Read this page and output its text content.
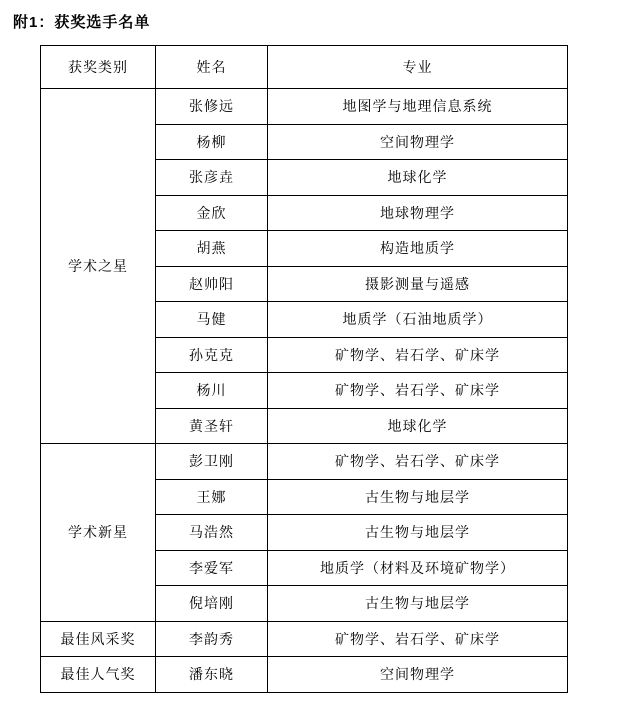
附1：获奖选手名单
获奖类别	姓名	专业
学术之星	张修远	地图学与地理信息系统
	杨柳	空间物理学
	张彦垚	地球化学
	金欣	地球物理学
	胡燕	构造地质学
	赵帅阳	摄影测量与遥感
	马健	地质学（石油地质学）
	孙克克	矿物学、岩石学、矿床学
	杨川	矿物学、岩石学、矿床学
	黄圣轩	地球化学
学术新星	彭卫刚	矿物学、岩石学、矿床学
	王娜	古生物与地层学
	马浩然	古生物与地层学
	李爱军	地质学（材料及环境矿物学）
	倪培刚	古生物与地层学
最佳风采奖	李韵秀	矿物学、岩石学、矿床学
最佳人气奖	潘东晓	空间物理学
